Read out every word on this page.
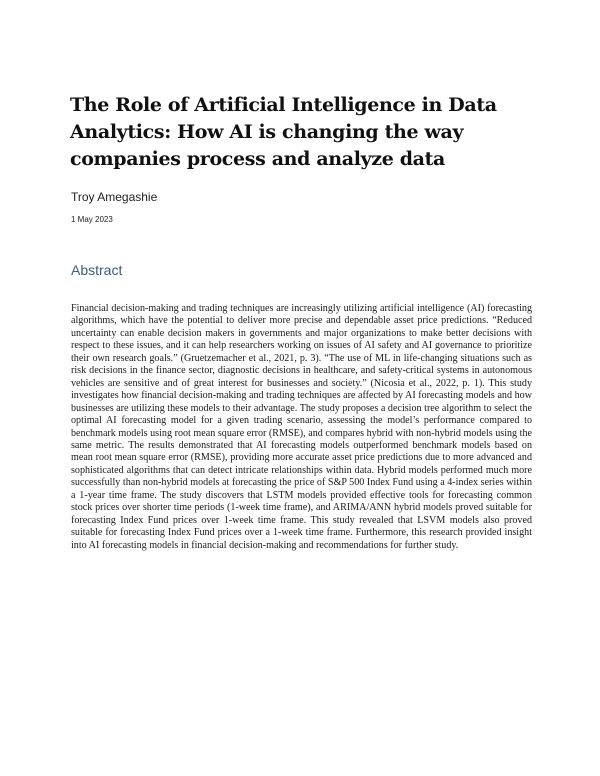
The Role of Artificial Intelligence in Data Analytics: How AI is changing the way companies process and analyze data
Troy Amegashie
1 May 2023
Abstract

Financial decision-making and trading techniques are increasingly utilizing artificial intelligence (AI) forecasting algorithms, which have the potential to deliver more precise and dependable asset price predictions. “Reduced uncertainty can enable decision makers in governments and major organizations to make better decisions with respect to these issues, and it can help researchers working on issues of AI safety and AI governance to prioritize their own research goals.” (Gruetzemacher et al., 2021, p. 3). “The use of ML in life-changing situations such as risk decisions in the finance sector, diagnostic decisions in healthcare, and safety-critical systems in autonomous vehicles are sensitive and of great interest for businesses and society.” (Nicosia et al., 2022, p. 1). This study investigates how financial decision-making and trading techniques are affected by AI forecasting models and how businesses are utilizing these models to their advantage. The study proposes a decision tree algorithm to select the optimal AI forecasting model for a given trading scenario, assessing the model’s performance compared to benchmark models using root mean square error (RMSE), and compares hybrid with non-hybrid models using the same metric. The results demonstrated that AI forecasting models outperformed benchmark models based on mean root mean square error (RMSE), providing more accurate asset price predictions due to more advanced and sophisticated algorithms that can detect intricate relationships within data. Hybrid models performed much more successfully than non-hybrid models at forecasting the price of S&P 500 Index Fund using a 4-index series within a 1-year time frame. The study discovers that LSTM models provided effective tools for forecasting common stock prices over shorter time periods (1-week time frame), and ARIMA/ANN hybrid models proved suitable for forecasting Index Fund prices over 1-week time frame. This study revealed that LSVM models also proved suitable for forecasting Index Fund prices over a 1-week time frame. Furthermore, this research provided insight into AI forecasting models in financial decision-making and recommendations for further study.
